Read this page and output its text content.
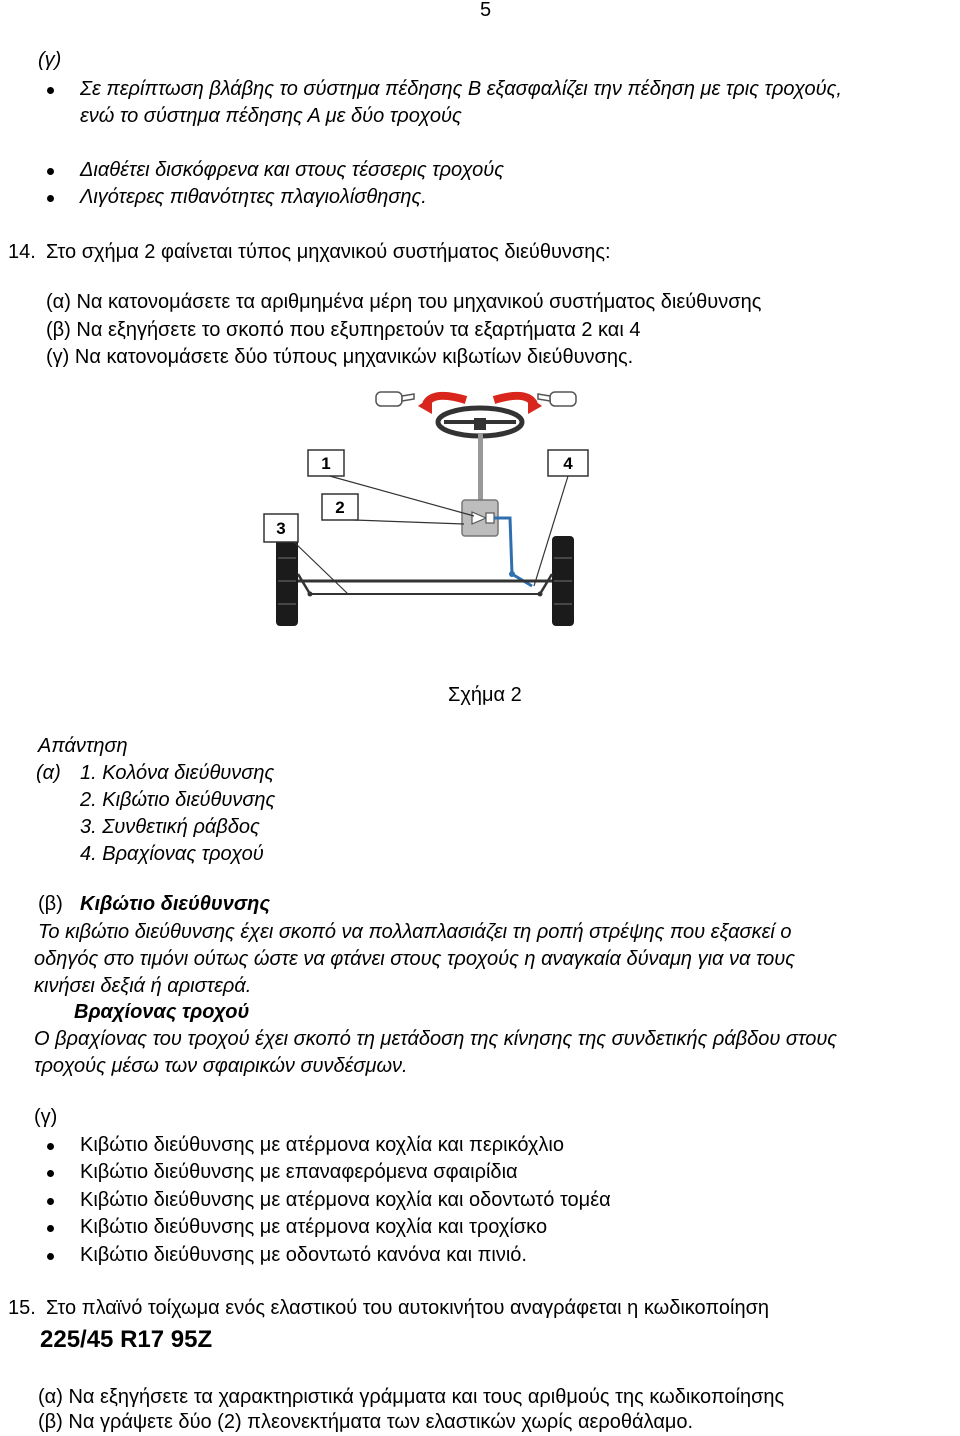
5
(γ)
Σε περίπτωση βλάβης το σύστημα πέδησης Β εξασφαλίζει την πέδηση με τρις τροχούς,
ενώ το σύστημα πέδησης Α με δύο τροχούς
Διαθέτει δισκόφρενα και στους τέσσερις τροχούς
Λιγότερες πιθανότητες πλαγιολίσθησης.
14. Στο σχήμα 2 φαίνεται τύπος μηχανικού συστήματος διεύθυνσης:
(α) Να κατονομάσετε τα αριθμημένα μέρη του μηχανικού συστήματος διεύθυνσης
(β) Να εξηγήσετε το σκοπό που εξυπηρετούν τα εξαρτήματα 2 και 4
(γ) Να κατονομάσετε δύο τύπους μηχανικών κιβωτίων διεύθυνσης.
1
2
3
4
Σχήμα 2
Απάντηση
(α) 1. Κολόνα διεύθυνσης
2. Κιβώτιο διεύθυνσης
3. Συνθετική ράβδος
4. Βραχίονας τροχού
(β) Κιβώτιο διεύθυνσης
Το κιβώτιο διεύθυνσης έχει σκοπό να πολλαπλασιάζει τη ροπή στρέψης που εξασκεί ο
οδηγός στο τιμόνι ούτως ώστε να φτάνει στους τροχούς η αναγκαία δύναμη για να τους
κινήσει δεξιά ή αριστερά.
Βραχίονας τροχού
Ο βραχίονας του τροχού έχει σκοπό τη μετάδοση της κίνησης της συνδετικής ράβδου στους
τροχούς μέσω των σφαιρικών συνδέσμων.
(γ)
Κιβώτιο διεύθυνσης με ατέρμονα κοχλία και περικόχλιο
Κιβώτιο διεύθυνσης με επαναφερόμενα σφαιρίδια
Κιβώτιο διεύθυνσης με ατέρμονα κοχλία και οδοντωτό τομέα
Κιβώτιο διεύθυνσης με ατέρμονα κοχλία και τροχίσκο
Κιβώτιο διεύθυνσης με οδοντωτό κανόνα και πινιό.
15. Στο πλαϊνό τοίχωμα ενός ελαστικού του αυτοκινήτου αναγράφεται η κωδικοποίηση
225/45 R17 95Z
(α) Να εξηγήσετε τα χαρακτηριστικά γράμματα και τους αριθμούς της κωδικοποίησης
(β) Να γράψετε δύο (2) πλεονεκτήματα των ελαστικών χωρίς αεροθάλαμο.
